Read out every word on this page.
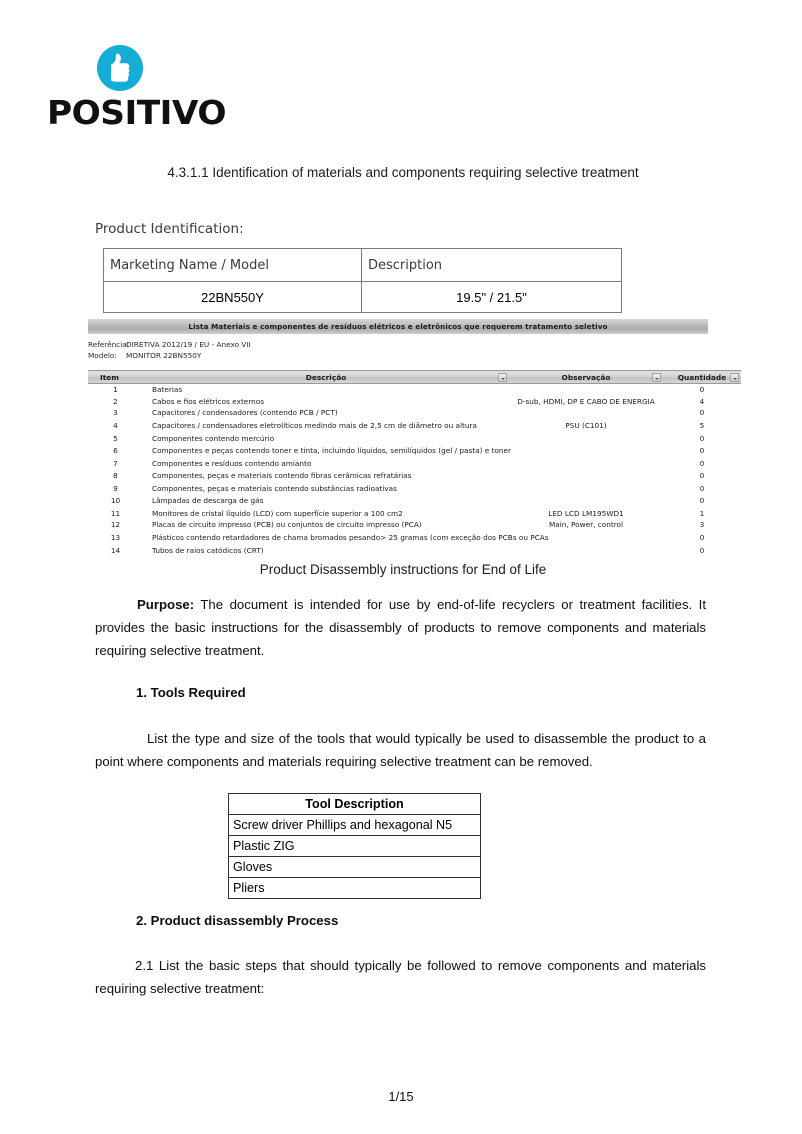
POSITIVO
4.3.1.1 Identification of materials and components requiring selective treatment
Product Identification:
Marketing Name / Model	Description
22BN550Y	19.5" / 21.5"
Lista Materiais e componentes de resíduos elétricos e eletrônicos que requerem tratamento seletivo
Referência:DIRETIVA 2012/19 / EU - Anexo VII
Modelo: MONITOR 22BN550Y
Item	Descrição	Observação	Quantidade

1	Baterias		0
2	Cabos e fios elétricos externos	D-sub, HDMI, DP E CABO DE ENERGIA	4
3	Capacitores / condensadores (contendo PCB / PCT)		0
4	Capacitores / condensadores eletrolíticos medindo mais de 2,5 cm de diâmetro ou altura	PSU (C101)	5
5	Componentes contendo mercúrio		0
6	Componentes e peças contendo toner e tinta, incluindo líquidos, semilíquidos (gel / pasta) e toner		0
7	Componentes e resíduos contendo amianto		0
8	Componentes, peças e materiais contendo fibras cerâmicas refratárias		0
9	Componentes, peças e materiais contendo substâncias radioativas		0
10	Lâmpadas de descarga de gás		0
11	Monitores de cristal líquido (LCD) com superfície superior a 100 cm2	LED LCD LM195WD1	1
12	Placas de circuito impresso (PCB) ou conjuntos de circuito impresso (PCA)	Main, Power, control	3
13	Plásticos contendo retardadores de chama bromados pesando> 25 gramas (com exceção dos PCBs ou PCAs		0
14	Tubos de raios catódicos (CRT)		0
Product Disassembly instructions for End of Life
Purpose: The document is intended for use by end-of-life recyclers or treatment facilities. It provides the basic instructions for the disassembly of products to remove components and materials requiring selective treatment.
1. Tools Required
List the type and size of the tools that would typically be used to disassemble the product to a point where components and materials requiring selective treatment can be removed.
Tool Description
Screw driver Phillips and hexagonal N5
Plastic ZIG
Gloves
Pliers
2. Product disassembly Process
2.1 List the basic steps that should typically be followed to remove components and materials requiring selective treatment:
1/15
